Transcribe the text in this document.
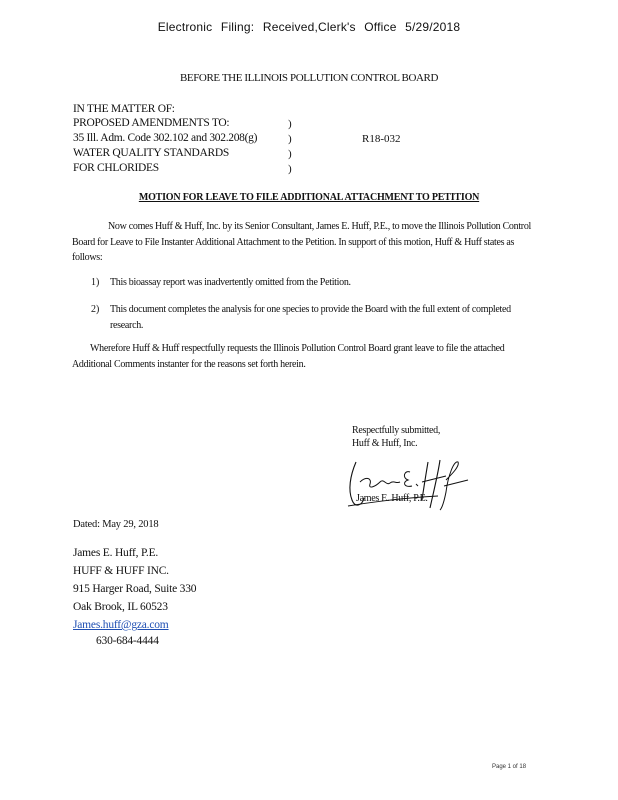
Electronic Filing: Received,Clerk's Office 5/29/2018
BEFORE THE ILLINOIS POLLUTION CONTROL BOARD
IN THE MATTER OF:
PROPOSED AMENDMENTS TO:
35 Ill. Adm. Code 302.102 and 302.208(g)
WATER QUALITY STANDARDS
FOR CHLORIDES
)
)
)
)
R18-032
MOTION FOR LEAVE TO FILE ADDITIONAL ATTACHMENT TO PETITION
Now comes Huff & Huff, Inc. by its Senior Consultant, James E. Huff, P.E., to move the Illinois Pollution Control Board for Leave to File Instanter Additional Attachment to the Petition. In support of this motion, Huff & Huff states as follows:
1) This bioassay report was inadvertently omitted from the Petition.
2) This document completes the analysis for one species to provide the Board with the full extent of completed research.
Wherefore Huff & Huff respectfully requests the Illinois Pollution Control Board grant leave to file the attached Additional Comments instanter for the reasons set forth herein.
Respectfully submitted,
Huff & Huff, Inc.
James E. Huff, P.E.
Dated: May 29, 2018
James E. Huff, P.E.
HUFF & HUFF INC.
915 Harger Road, Suite 330
Oak Brook, IL 60523
James.huff@gza.com
630-684-4444
Page 1 of 18
